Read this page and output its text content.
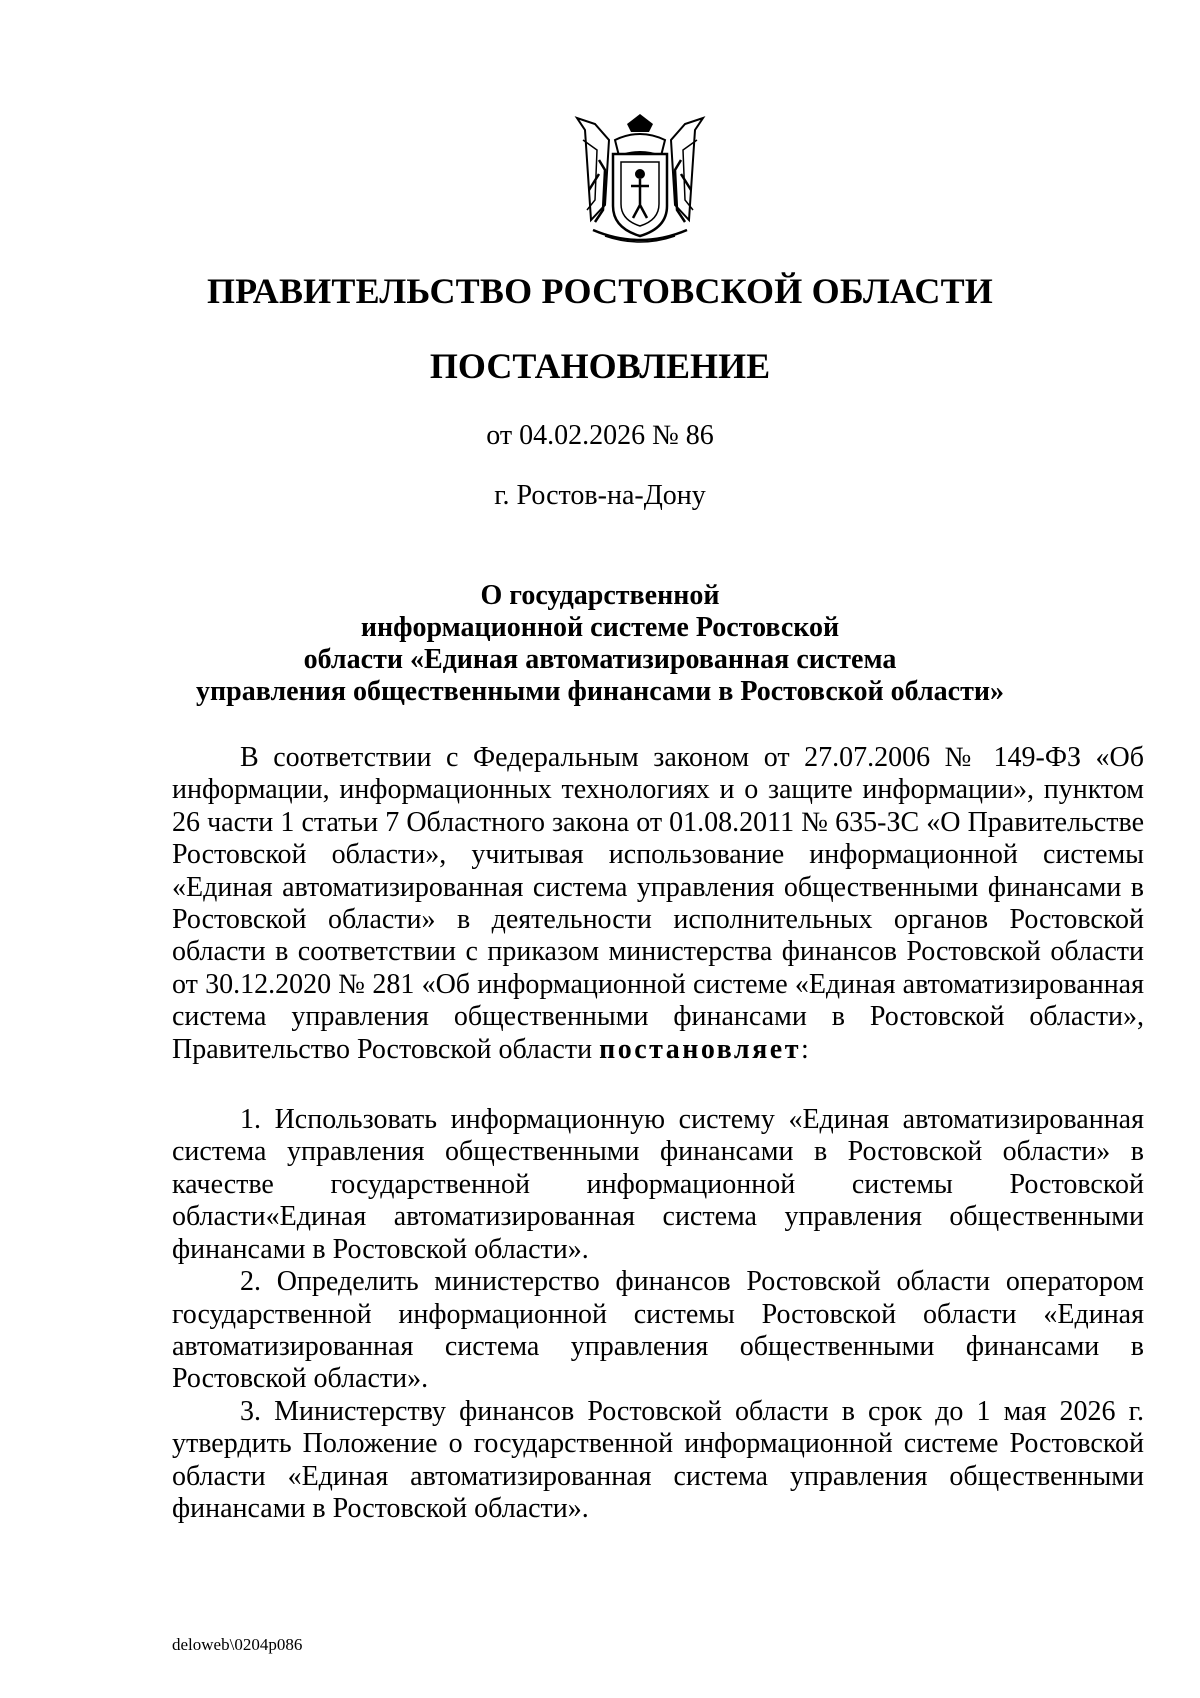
ПРАВИТЕЛЬСТВО РОСТОВСКОЙ ОБЛАСТИ
ПОСТАНОВЛЕНИЕ
от 04.02.2026 № 86
г. Ростов-на-Дону
О государственной
информационной системе Ростовской
области «Единая автоматизированная система
управления общественными финансами в Ростовской области»

В соответствии с Федеральным законом от 27.07.2006 № 149-ФЗ «Об информации, информационных технологиях и о защите информации», пунктом 26 части 1 статьи 7 Областного закона от 01.08.2011 № 635-ЗС «О Правительстве Ростовской области», учитывая использование информационной системы «Единая автоматизированная система управления общественными финансами в Ростовской области» в деятельности исполнительных органов Ростовской области в соответствии с приказом министерства финансов Ростовской области от 30.12.2020 № 281 «Об информационной системе «Единая автоматизированная система управления общественными финансами в Ростовской области», Правительство Ростовской области постановляет:

1. Использовать информационную систему «Единая автоматизированная система управления общественными финансами в Ростовской области» в качестве государственной информационной системы Ростовской области«Единая автоматизированная система управления общественными финансами в Ростовской области».

2. Определить министерство финансов Ростовской области оператором государственной информационной системы Ростовской области «Единая автоматизированная система управления общественными финансами в Ростовской области».

3. Министерству финансов Ростовской области в срок до 1 мая 2026 г. утвердить Положение о государственной информационной системе Ростовской области «Единая автоматизированная система управления общественными финансами в Ростовской области».

deloweb\0204p086
